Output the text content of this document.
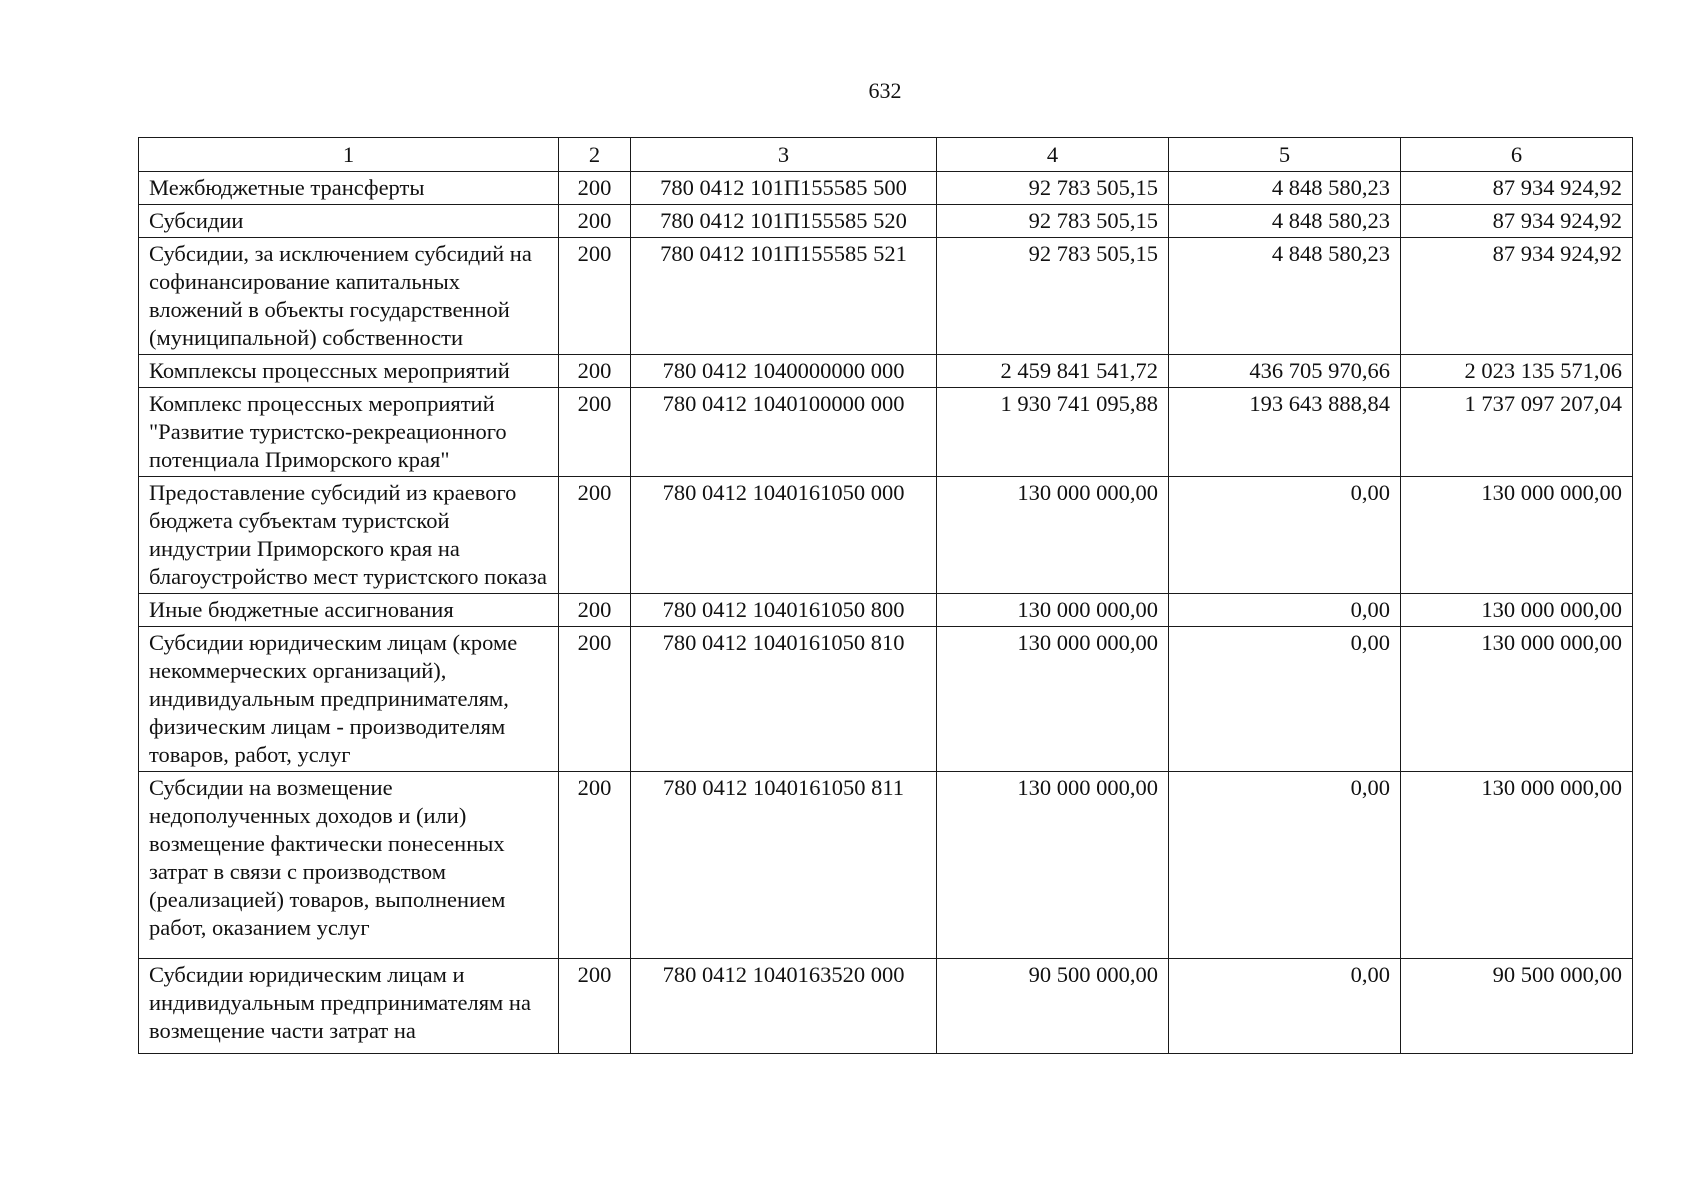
632
1	2	3	4	5	6
Межбюджетные трансферты	200	780 0412 101П155585 500	92 783 505,15	4 848 580,23	87 934 924,92
Субсидии	200	780 0412 101П155585 520	92 783 505,15	4 848 580,23	87 934 924,92
Субсидии, за исключением субсидий на софинансирование капитальных вложений в объекты государственной (муниципальной) собственности	200	780 0412 101П155585 521	92 783 505,15	4 848 580,23	87 934 924,92
Комплексы процессных мероприятий	200	780 0412 1040000000 000	2 459 841 541,72	436 705 970,66	2 023 135 571,06
Комплекс процессных мероприятий "Развитие туристско-рекреационного потенциала Приморского края"	200	780 0412 1040100000 000	1 930 741 095,88	193 643 888,84	1 737 097 207,04
Предоставление субсидий из краевого бюджета субъектам туристской индустрии Приморского края на благоустройство мест туристского показа	200	780 0412 1040161050 000	130 000 000,00	0,00	130 000 000,00
Иные бюджетные ассигнования	200	780 0412 1040161050 800	130 000 000,00	0,00	130 000 000,00
Субсидии юридическим лицам (кроме некоммерческих организаций), индивидуальным предпринимателям, физическим лицам - производителям товаров, работ, услуг	200	780 0412 1040161050 810	130 000 000,00	0,00	130 000 000,00
Субсидии на возмещение недополученных доходов и (или) возмещение фактически понесенных затрат в связи с производством (реализацией) товаров, выполнением работ, оказанием услуг	200	780 0412 1040161050 811	130 000 000,00	0,00	130 000 000,00
Субсидии юридическим лицам и индивидуальным предпринимателям на возмещение части затрат на	200	780 0412 1040163520 000	90 500 000,00	0,00	90 500 000,00
